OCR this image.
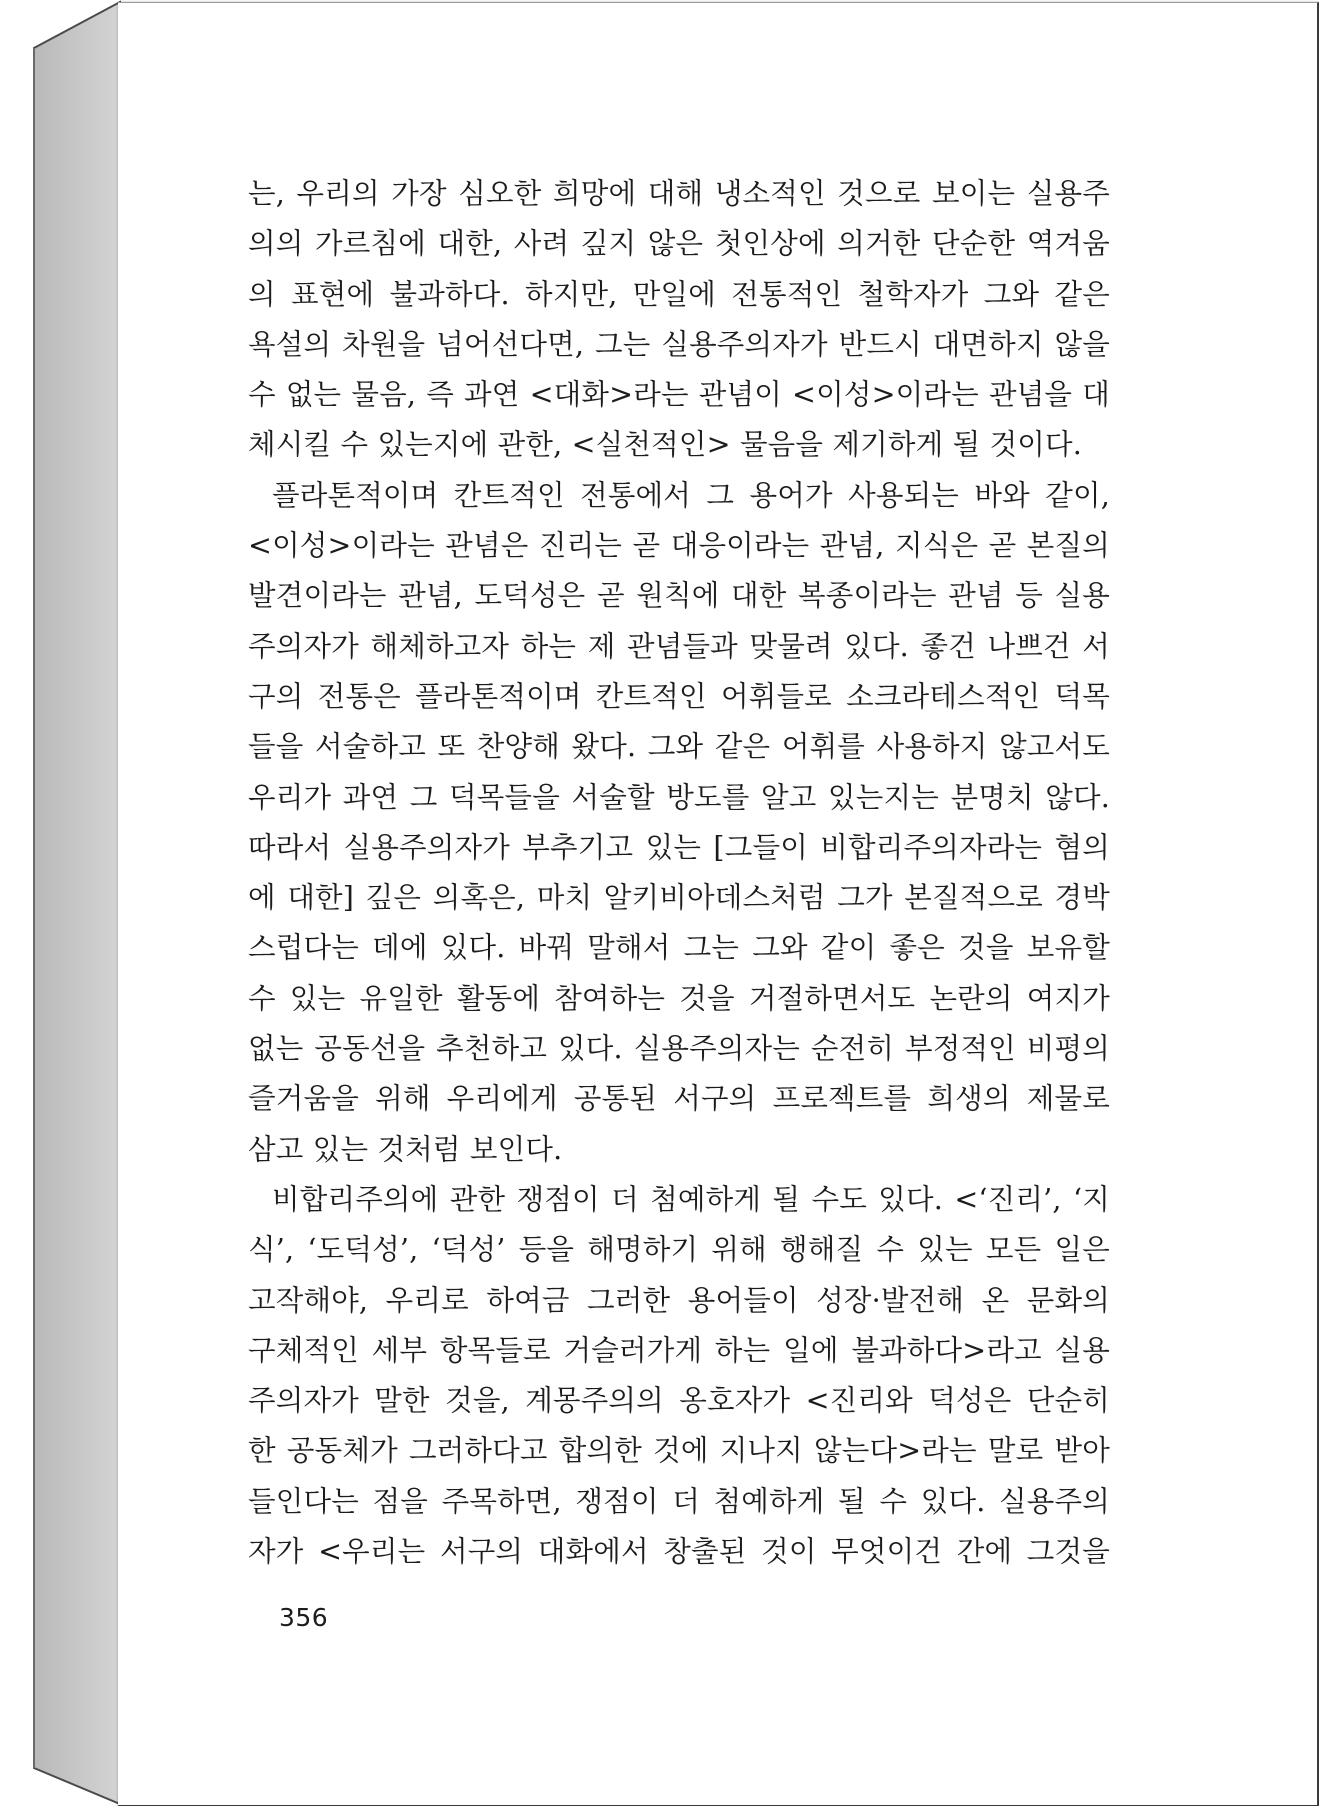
는, 우리의 가장 심오한 희망에 대해 냉소적인 것으로 보이는 실용주
의의 가르침에 대한, 사려 깊지 않은 첫인상에 의거한 단순한 역겨움
의 표현에 불과하다. 하지만, 만일에 전통적인 철학자가 그와 같은
욕설의 차원을 넘어선다면, 그는 실용주의자가 반드시 대면하지 않을
수 없는 물음, 즉 과연 <대화>라는 관념이 <이성>이라는 관념을 대
체시킬 수 있는지에 관한, <실천적인> 물음을 제기하게 될 것이다.
플라톤적이며 칸트적인 전통에서 그 용어가 사용되는 바와 같이,
<이성>이라는 관념은 진리는 곧 대응이라는 관념, 지식은 곧 본질의
발견이라는 관념, 도덕성은 곧 원칙에 대한 복종이라는 관념 등 실용
주의자가 해체하고자 하는 제 관념들과 맞물려 있다. 좋건 나쁘건 서
구의 전통은 플라톤적이며 칸트적인 어휘들로 소크라테스적인 덕목
들을 서술하고 또 찬양해 왔다. 그와 같은 어휘를 사용하지 않고서도
우리가 과연 그 덕목들을 서술할 방도를 알고 있는지는 분명치 않다.
따라서 실용주의자가 부추기고 있는 [그들이 비합리주의자라는 혐의
에 대한] 깊은 의혹은, 마치 알키비아데스처럼 그가 본질적으로 경박
스럽다는 데에 있다. 바꿔 말해서 그는 그와 같이 좋은 것을 보유할
수 있는 유일한 활동에 참여하는 것을 거절하면서도 논란의 여지가
없는 공동선을 추천하고 있다. 실용주의자는 순전히 부정적인 비평의
즐거움을 위해 우리에게 공통된 서구의 프로젝트를 희생의 제물로
삼고 있는 것처럼 보인다.
비합리주의에 관한 쟁점이 더 첨예하게 될 수도 있다. <‘진리’, ‘지
식’, ‘도덕성’, ‘덕성’ 등을 해명하기 위해 행해질 수 있는 모든 일은
고작해야, 우리로 하여금 그러한 용어들이 성장·발전해 온 문화의
구체적인 세부 항목들로 거슬러가게 하는 일에 불과하다>라고 실용
주의자가 말한 것을, 계몽주의의 옹호자가 <진리와 덕성은 단순히
한 공동체가 그러하다고 합의한 것에 지나지 않는다>라는 말로 받아
들인다는 점을 주목하면, 쟁점이 더 첨예하게 될 수 있다. 실용주의
자가 <우리는 서구의 대화에서 창출된 것이 무엇이건 간에 그것을
356
